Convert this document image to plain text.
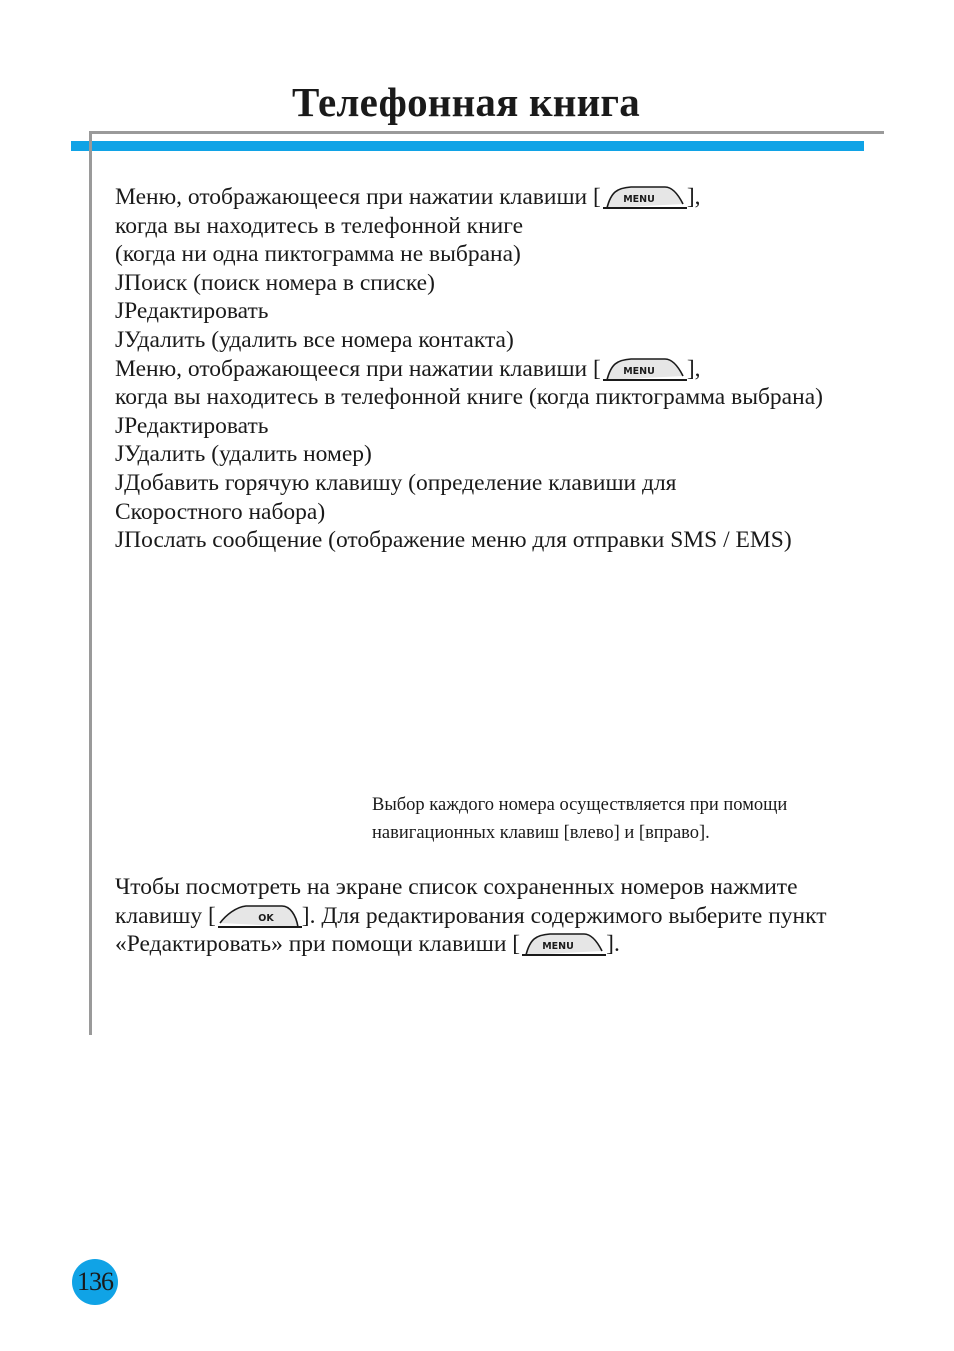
Телефонная книга
Меню, отображающееся при нажатии клавиши [ MENU ],
когда вы находитесь в телефонной книге
(когда ни одна пиктограмма не выбрана)
JПоиск (поиск номера в списке)
JРедактировать
JУдалить (удалить все номера контакта)
Меню, отображающееся при нажатии клавиши [ MENU ],
когда вы находитесь в телефонной книге (когда пиктограмма выбрана)
JРедактировать
JУдалить (удалить номер)
JДобавить горячую клавишу (определение клавиши для
Скоростного набора)
JПослать сообщение (отображение меню для отправки SMS / EMS)
Выбор каждого номера осуществляется при помощи
навигационных клавиш [влево] и [вправо].
Чтобы посмотреть на экране список сохраненных номеров нажмите
клавишу [	OK ]. Для редактирования содержимого выберите пункт
«Редактировать» при помощи клавиши [ MENU ].
136
